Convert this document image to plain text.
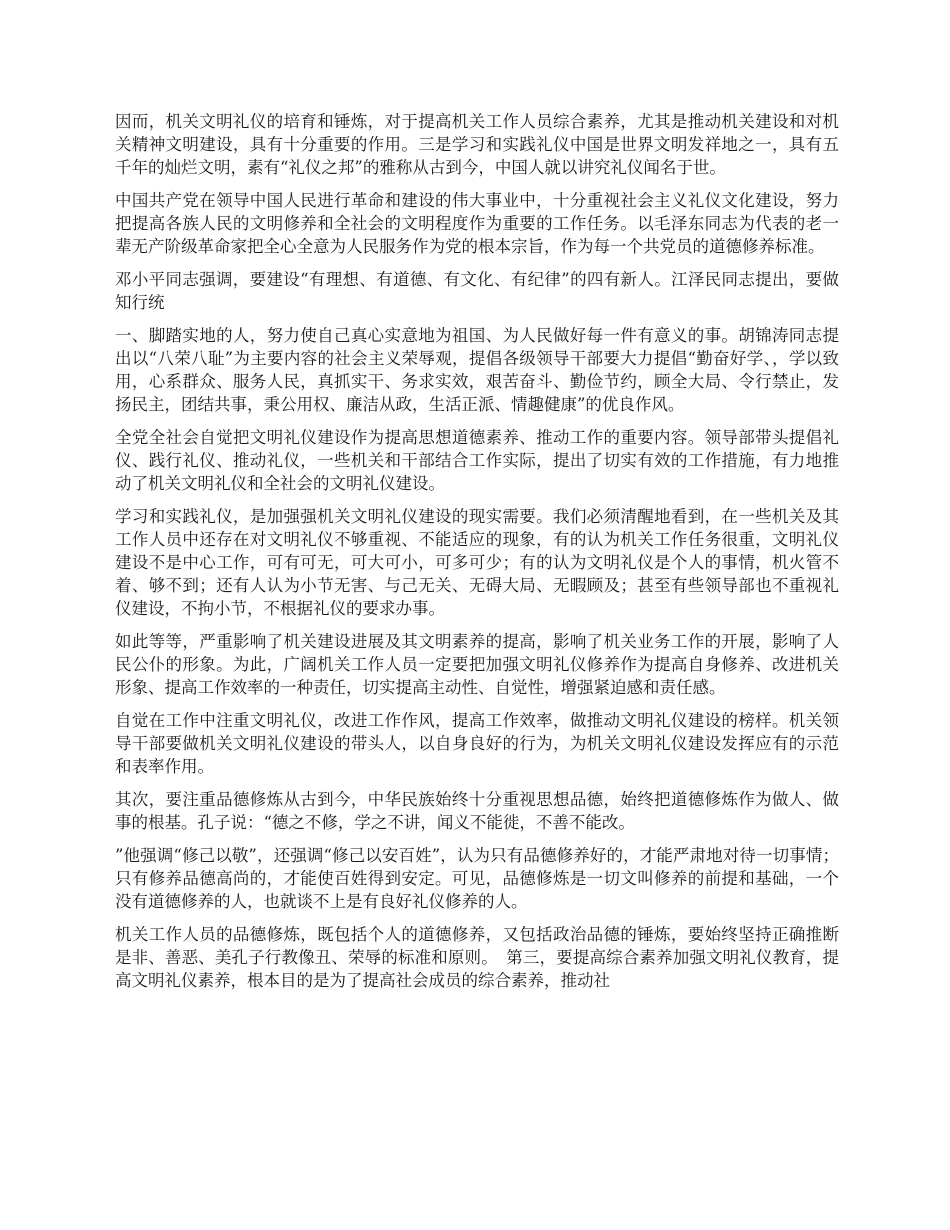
因而，机关文明礼仪的培育和锤炼，对于提高机关工作人员综合素养，尤其是推动机关建设和对机关精神文明建设，具有十分重要的作用。三是学习和实践礼仪中国是世界文明发祥地之一，具有五千年的灿烂文明，素有“礼仪之邦”的雅称从古到今，中国人就以讲究礼仪闻名于世。

中国共产党在领导中国人民进行革命和建设的伟大事业中，十分重视社会主义礼仪文化建设，努力把提高各族人民的文明修养和全社会的文明程度作为重要的工作任务。以毛泽东同志为代表的老一辈无产阶级革命家把全心全意为人民服务作为党的根本宗旨，作为每一个共党员的道德修养标准。

邓小平同志强调，要建设“有理想、有道德、有文化、有纪律”的四有新人。江泽民同志提出，要做知行统

一、脚踏实地的人，努力使自己真心实意地为祖国、为人民做好每一件有意义的事。胡锦涛同志提出以“八荣八耻”为主要内容的社会主义荣辱观，提倡各级领导干部要大力提倡“勤奋好学、，学以致用，心系群众、服务人民，真抓实干、务求实效，艰苦奋斗、勤俭节约，顾全大局、令行禁止，发扬民主，团结共事，秉公用权、廉洁从政，生活正派、情趣健康”的优良作风。

全党全社会自觉把文明礼仪建设作为提高思想道德素养、推动工作的重要内容。领导部带头提倡礼仪、践行礼仪、推动礼仪，一些机关和干部结合工作实际，提出了切实有效的工作措施，有力地推动了机关文明礼仪和全社会的文明礼仪建设。

学习和实践礼仪，是加强强机关文明礼仪建设的现实需要。我们必须清醒地看到，在一些机关及其工作人员中还存在对文明礼仪不够重视、不能适应的现象，有的认为机关工作任务很重，文明礼仪建设不是中心工作，可有可无，可大可小，可多可少；有的认为文明礼仪是个人的事情，机火管不着、够不到；还有人认为小节无害、与己无关、无碍大局、无暇顾及；甚至有些领导部也不重视礼仪建设，不拘小节，不根据礼仪的要求办事。

如此等等，严重影响了机关建设进展及其文明素养的提高，影响了机关业务工作的开展，影响了人民公仆的形象。为此，广阔机关工作人员一定要把加强文明礼仪修养作为提高自身修养、改进机关形象、提高工作效率的一种责任，切实提高主动性、自觉性，增强紧迫感和责任感。

自觉在工作中注重文明礼仪，改进工作作风，提高工作效率，做推动文明礼仪建设的榜样。机关领导干部要做机关文明礼仪建设的带头人，以自身良好的行为，为机关文明礼仪建设发挥应有的示范和表率作用。

其次，要注重品德修炼从古到今，中华民族始终十分重视思想品德，始终把道德修炼作为做人、做事的根基。孔子说：“德之不修，学之不讲，闻义不能徙，不善不能改。

”他强调“修己以敬”，还强调“修己以安百姓”，认为只有品德修养好的，才能严肃地对待一切事情；只有修养品德高尚的，才能使百姓得到安定。可见，品德修炼是一切文叫修养的前提和基础，一个没有道德修养的人，也就谈不上是有良好礼仪修养的人。

机关工作人员的品德修炼，既包括个人的道德修养，又包括政治品德的锤炼，要始终坚持正确推断是非、善恶、美孔子行教像丑、荣辱的标准和原则。　第三，要提高综合素养加强文明礼仪教育，提高文明礼仪素养，根本目的是为了提高社会成员的综合素养，推动社
